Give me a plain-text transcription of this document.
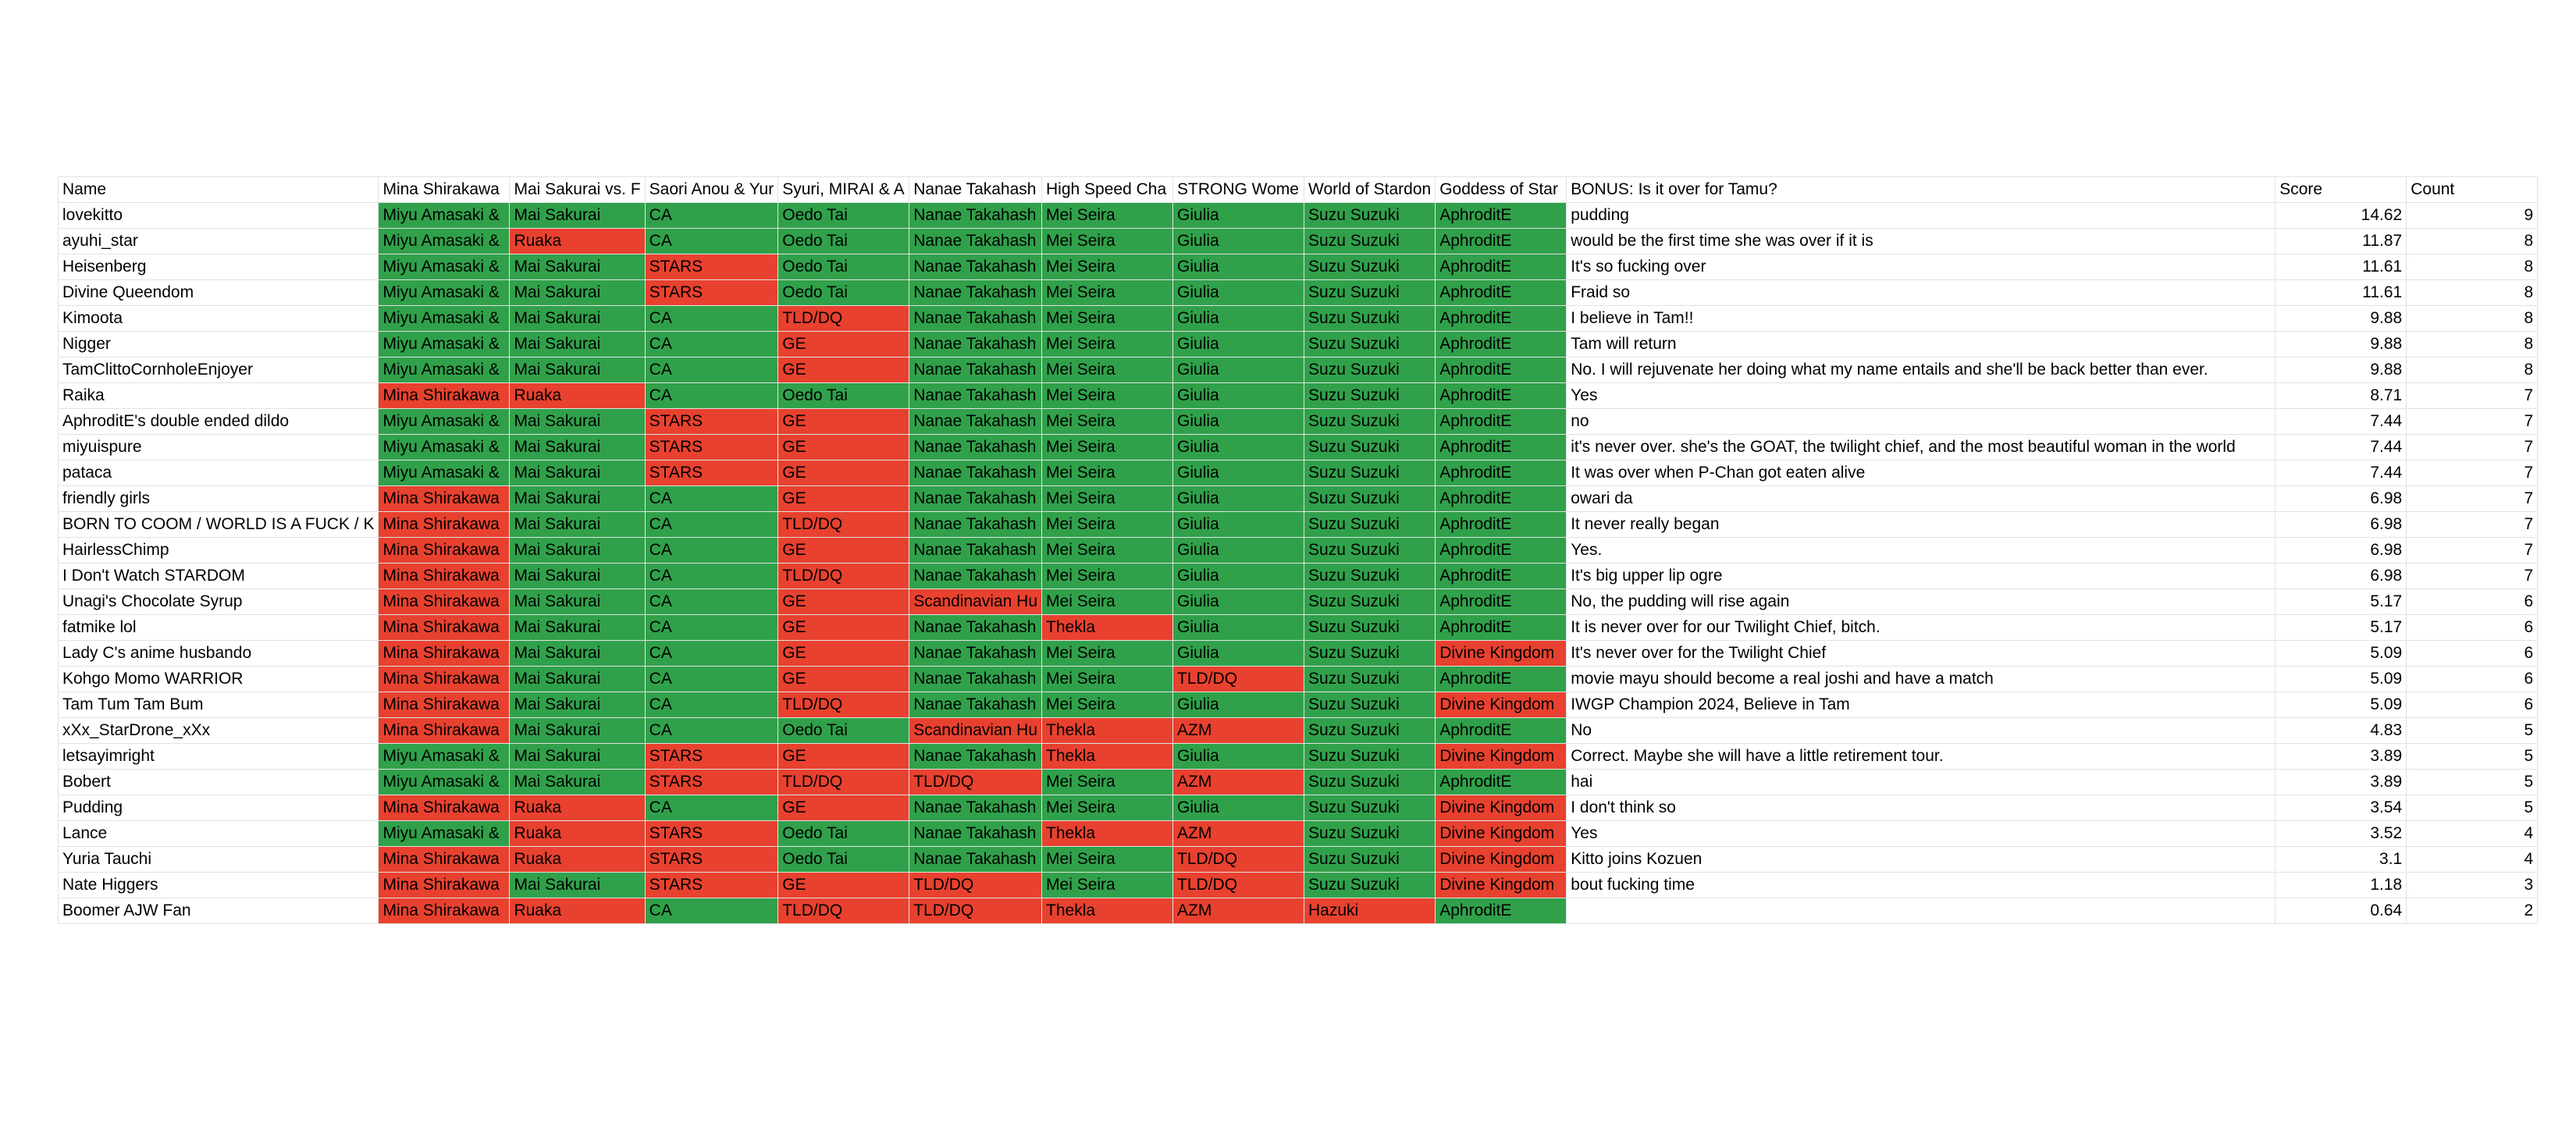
Name	Mina Shirakawa	Mai Sakurai vs. F	Saori Anou & Yur	Syuri, MIRAI & A	Nanae Takahash	High Speed Cha	STRONG Wome	World of Stardon	Goddess of Star	BONUS: Is it over for Tamu?	Score	Count
lovekitto	Miyu Amasaki &	Mai Sakurai	CA	Oedo Tai	Nanae Takahash	Mei Seira	Giulia	Suzu Suzuki	AphroditE	pudding	14.62	9
ayuhi_star	Miyu Amasaki &	Ruaka	CA	Oedo Tai	Nanae Takahash	Mei Seira	Giulia	Suzu Suzuki	AphroditE	would be the first time she was over if it is	11.87	8
Heisenberg	Miyu Amasaki &	Mai Sakurai	STARS	Oedo Tai	Nanae Takahash	Mei Seira	Giulia	Suzu Suzuki	AphroditE	It's so fucking over	11.61	8
Divine Queendom	Miyu Amasaki &	Mai Sakurai	STARS	Oedo Tai	Nanae Takahash	Mei Seira	Giulia	Suzu Suzuki	AphroditE	Fraid so	11.61	8
Kimoota	Miyu Amasaki &	Mai Sakurai	CA	TLD/DQ	Nanae Takahash	Mei Seira	Giulia	Suzu Suzuki	AphroditE	I believe in Tam!!	9.88	8
Nigger	Miyu Amasaki &	Mai Sakurai	CA	GE	Nanae Takahash	Mei Seira	Giulia	Suzu Suzuki	AphroditE	Tam will return	9.88	8
TamClittoCornholeEnjoyer	Miyu Amasaki &	Mai Sakurai	CA	GE	Nanae Takahash	Mei Seira	Giulia	Suzu Suzuki	AphroditE	No. I will rejuvenate her doing what my name entails and she'll be back better than ever.	9.88	8
Raika	Mina Shirakawa	Ruaka	CA	Oedo Tai	Nanae Takahash	Mei Seira	Giulia	Suzu Suzuki	AphroditE	Yes	8.71	7
AphroditE's double ended dildo	Miyu Amasaki &	Mai Sakurai	STARS	GE	Nanae Takahash	Mei Seira	Giulia	Suzu Suzuki	AphroditE	no	7.44	7
miyuispure	Miyu Amasaki &	Mai Sakurai	STARS	GE	Nanae Takahash	Mei Seira	Giulia	Suzu Suzuki	AphroditE	it's never over. she's the GOAT, the twilight chief, and the most beautiful woman in the world	7.44	7
pataca	Miyu Amasaki &	Mai Sakurai	STARS	GE	Nanae Takahash	Mei Seira	Giulia	Suzu Suzuki	AphroditE	It was over when P-Chan got eaten alive	7.44	7
friendly girls	Mina Shirakawa	Mai Sakurai	CA	GE	Nanae Takahash	Mei Seira	Giulia	Suzu Suzuki	AphroditE	owari da	6.98	7
BORN TO COOM / WORLD IS A FUCK / K	Mina Shirakawa	Mai Sakurai	CA	TLD/DQ	Nanae Takahash	Mei Seira	Giulia	Suzu Suzuki	AphroditE	It never really began	6.98	7
HairlessChimp	Mina Shirakawa	Mai Sakurai	CA	GE	Nanae Takahash	Mei Seira	Giulia	Suzu Suzuki	AphroditE	Yes.	6.98	7
I Don't Watch STARDOM	Mina Shirakawa	Mai Sakurai	CA	TLD/DQ	Nanae Takahash	Mei Seira	Giulia	Suzu Suzuki	AphroditE	It's big upper lip ogre	6.98	7
Unagi's Chocolate Syrup	Mina Shirakawa	Mai Sakurai	CA	GE	Scandinavian Hu	Mei Seira	Giulia	Suzu Suzuki	AphroditE	No, the pudding will rise again	5.17	6
fatmike lol	Mina Shirakawa	Mai Sakurai	CA	GE	Nanae Takahash	Thekla	Giulia	Suzu Suzuki	AphroditE	It is never over for our Twilight Chief, bitch.	5.17	6
Lady C's anime husbando	Mina Shirakawa	Mai Sakurai	CA	GE	Nanae Takahash	Mei Seira	Giulia	Suzu Suzuki	Divine Kingdom	It's never over for the Twilight Chief	5.09	6
Kohgo Momo WARRIOR	Mina Shirakawa	Mai Sakurai	CA	GE	Nanae Takahash	Mei Seira	TLD/DQ	Suzu Suzuki	AphroditE	movie mayu should become a real joshi and have a match	5.09	6
Tam Tum Tam Bum	Mina Shirakawa	Mai Sakurai	CA	TLD/DQ	Nanae Takahash	Mei Seira	Giulia	Suzu Suzuki	Divine Kingdom	IWGP Champion 2024, Believe in Tam	5.09	6
xXx_StarDrone_xXx	Mina Shirakawa	Mai Sakurai	CA	Oedo Tai	Scandinavian Hu	Thekla	AZM	Suzu Suzuki	AphroditE	No	4.83	5
letsayimright	Miyu Amasaki &	Mai Sakurai	STARS	GE	Nanae Takahash	Thekla	Giulia	Suzu Suzuki	Divine Kingdom	Correct. Maybe she will have a little retirement tour.	3.89	5
Bobert	Miyu Amasaki &	Mai Sakurai	STARS	TLD/DQ	TLD/DQ	Mei Seira	AZM	Suzu Suzuki	AphroditE	hai	3.89	5
Pudding	Mina Shirakawa	Ruaka	CA	GE	Nanae Takahash	Mei Seira	Giulia	Suzu Suzuki	Divine Kingdom	I don't think so	3.54	5
Lance	Miyu Amasaki &	Ruaka	STARS	Oedo Tai	Nanae Takahash	Thekla	AZM	Suzu Suzuki	Divine Kingdom	Yes	3.52	4
Yuria Tauchi	Mina Shirakawa	Ruaka	STARS	Oedo Tai	Nanae Takahash	Mei Seira	TLD/DQ	Suzu Suzuki	Divine Kingdom	Kitto joins Kozuen	3.1	4
Nate Higgers	Mina Shirakawa	Mai Sakurai	STARS	GE	TLD/DQ	Mei Seira	TLD/DQ	Suzu Suzuki	Divine Kingdom	bout fucking time	1.18	3
Boomer AJW Fan	Mina Shirakawa	Ruaka	CA	TLD/DQ	TLD/DQ	Thekla	AZM	Hazuki	AphroditE		0.64	2
